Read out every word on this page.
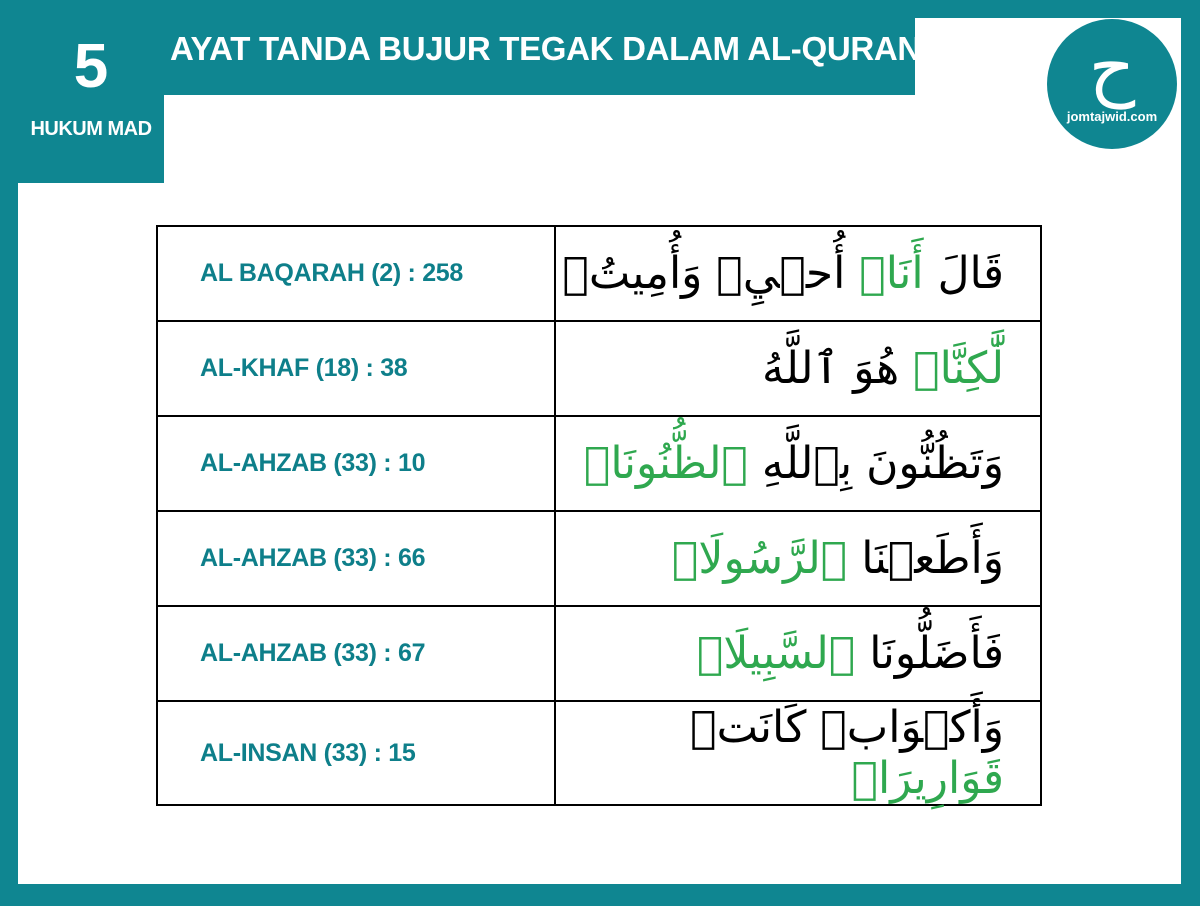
5
HUKUM MAD
AYAT TANDA BUJUR TEGAK DALAM AL-QURAN	ح
jomtajwid.com
AL BAQARAH (2) : 258	قَالَ أَنَا۠ أُحۡيِۦ وَأُمِيتُۖ
AL-KHAF (18) : 38	لَّٰكِنَّا۠ هُوَ ٱللَّهُ
AL-AHZAB (33) : 10	وَتَظُنُّونَ بِٱللَّهِ ٱلظُّنُونَا۠
AL-AHZAB (33) : 66	وَأَطَعۡنَا ٱلرَّسُولَا۠
AL-AHZAB (33) : 67	فَأَضَلُّونَا ٱلسَّبِيلَا۠
AL-INSAN (33) : 15	وَأَكۡوَابٖ كَانَتۡ قَوَارِيرَا۠
